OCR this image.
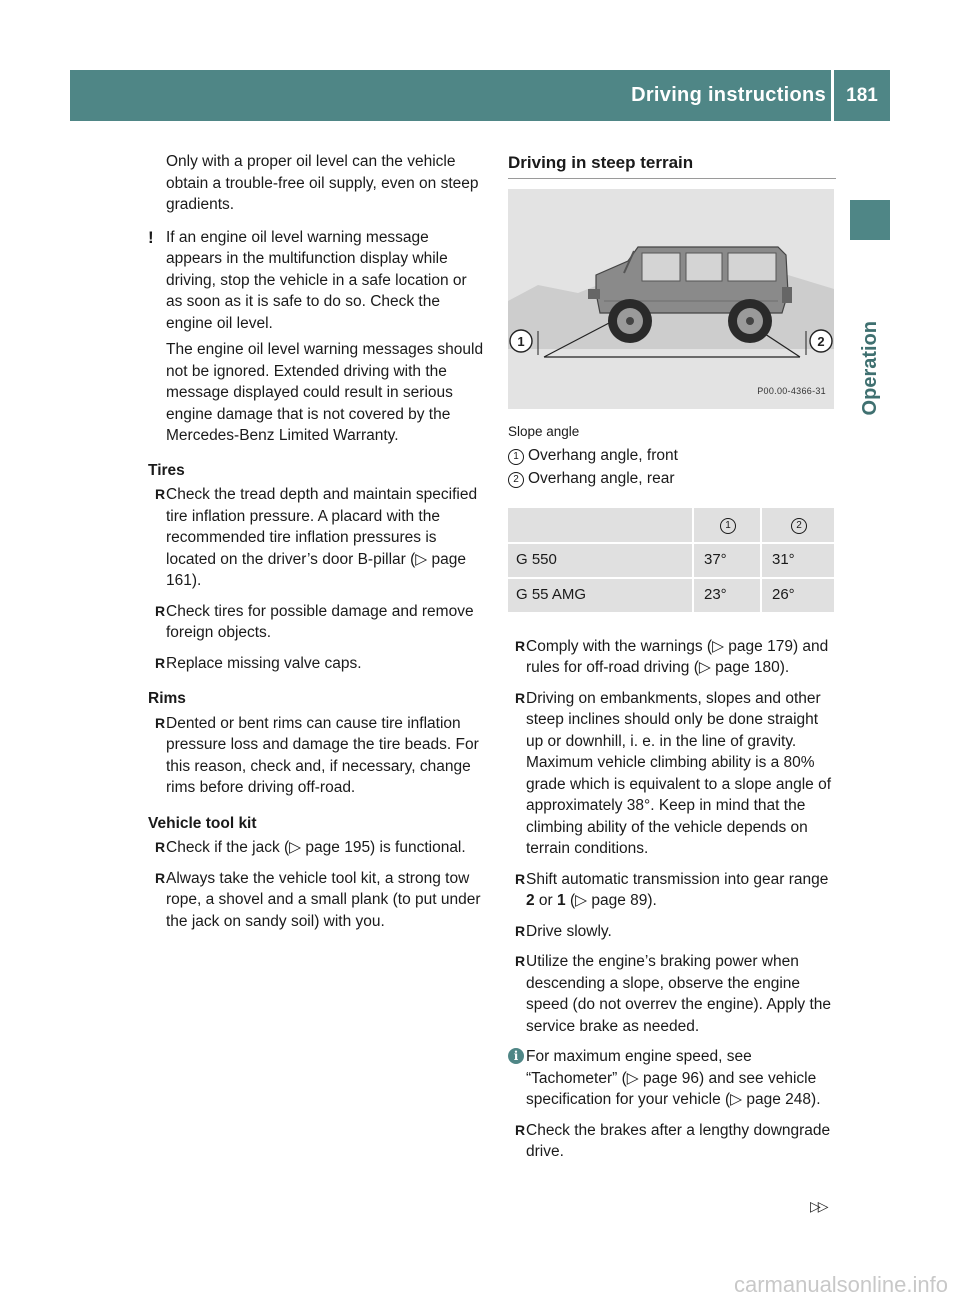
Driving instructions	181
Operation

Only with a proper oil level can the vehicle obtain a trouble-free oil supply, even on steep gradients.

! If an engine oil level warning message appears in the multifunction display while driving, stop the vehicle in a safe location or as soon as it is safe to do so. Check the engine oil level.

The engine oil level warning messages should not be ignored. Extended driving with the message displayed could result in serious engine damage that is not covered by the Mercedes-Benz Limited Warranty.

Tires

R Check the tread depth and maintain specified tire inflation pressure. A placard with the recommended tire inflation pressures is located on the driver’s door B-pillar (▷ page 161).
R Check tires for possible damage and remove foreign objects.
R Replace missing valve caps.

Rims

R Dented or bent rims can cause tire inflation pressure loss and damage the tire beads. For this reason, check and, if necessary, change rims before driving off-road.

Vehicle tool kit

R Check if the jack (▷ page 195) is functional.
R Always take the vehicle tool kit, a strong tow rope, a shovel and a small plank (to put under the jack on sandy soil) with you.

Driving in steep terrain

1	2
P00.00-4366-31

Slope angle

1 Overhang angle, front
2 Overhang angle, rear
	1	2
G 550	37°	31°
G 55 AMG	23°	26°
R Comply with the warnings (▷ page 179) and rules for off-road driving (▷ page 180).
R Driving on embankments, slopes and other steep inclines should only be done straight up or downhill, i. e. in the line of gravity. Maximum vehicle climbing ability is a 80% grade which is equivalent to a slope angle of approximately 38°. Keep in mind that the climbing ability of the vehicle depends on terrain conditions.
R Shift automatic transmission into gear range 2 or 1 (▷ page 89).
R Drive slowly.
R Utilize the engine’s braking power when descending a slope, observe the engine speed (do not overrev the engine). Apply the service brake as needed.
i For maximum engine speed, see “Tachometer” (▷ page 96) and see vehicle specification for your vehicle (▷ page 248).

R Check the brakes after a lengthy downgrade drive.
▷▷
carmanualsonline.info
